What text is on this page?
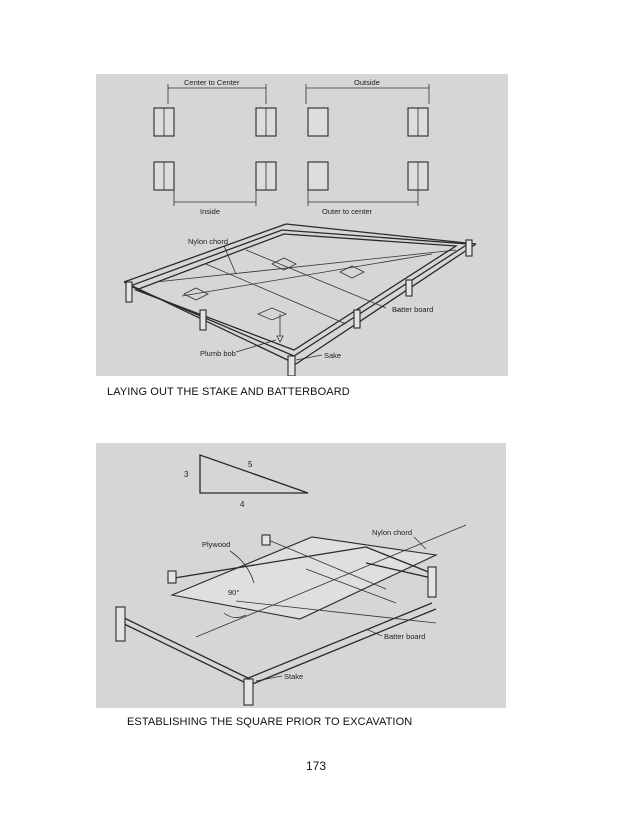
Center to Center	Outside
Inside	Outer to center
Nylon chord
B̶atter board
Plumb bob	Sake
LAYING OUT THE STAKE AND BATTERBOARD
3
4
5
90°
Nylon chord
Plywood
Batter board
Stake
ESTABLISHING THE SQUARE PRIOR TO EXCAVATION
173
